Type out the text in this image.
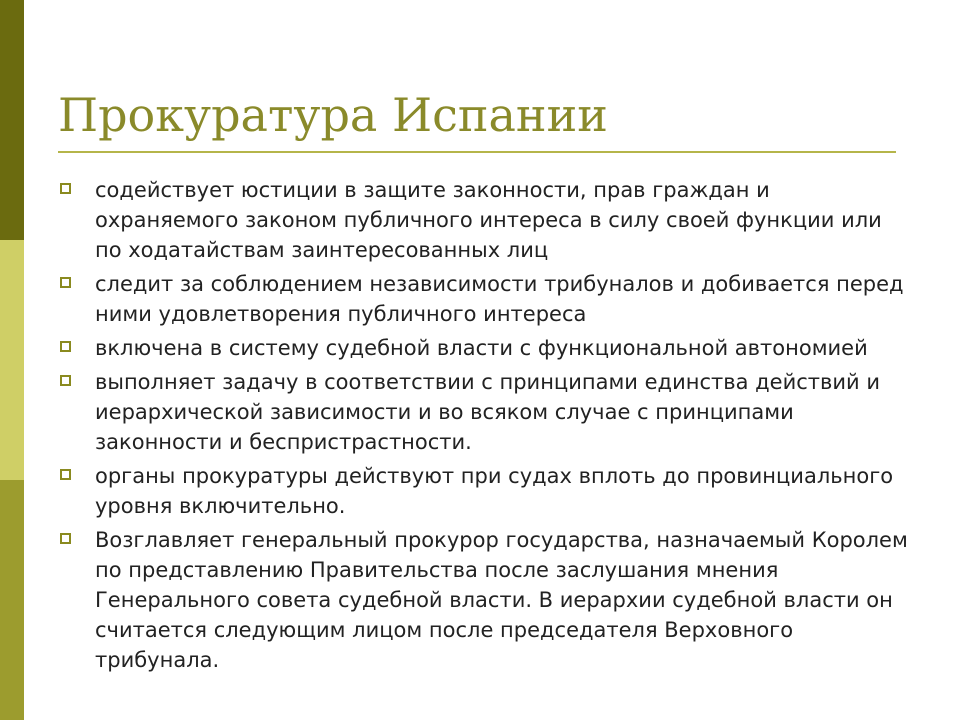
Прокуратура Испании
содействует юстиции в защите законности, прав граждан и охраняемого законом публичного интереса в силу своей функции или по ходатайствам заинтересованных лиц
следит за соблюдением независимости трибуналов и добивается перед ними удовлетворения публичного интереса
включена в систему судебной власти с функциональной автономией
выполняет задачу в соответствии с принципами единства действий и иерархической зависимости и во всяком случае с принципами законности и беспристрастности.
органы прокуратуры действуют при судах вплоть до провинциального уровня включительно.
Возглавляет генеральный прокурор государства, назначаемый Королем по представлению Правительства после заслушания мнения Генерального совета судебной власти. В иерархии судебной власти он считается следующим лицом после председателя Верховного трибунала.
